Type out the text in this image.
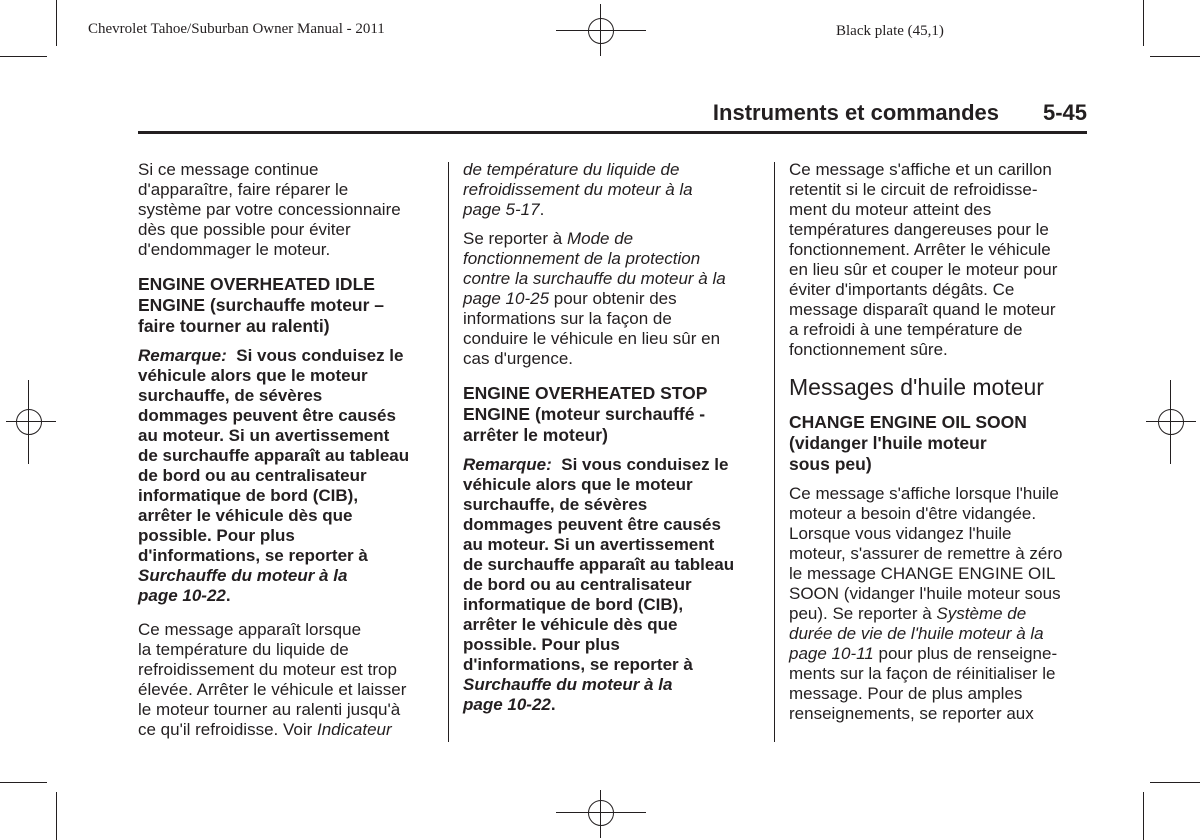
Chevrolet Tahoe/Suburban Owner Manual - 2011	Black plate (45,1)
Instruments et commandes 5-45

Si ce message continue
d'apparaître, faire réparer le
système par votre concessionnaire
dès que possible pour éviter
d'endommager le moteur.

ENGINE OVERHEATED IDLE
ENGINE (surchauffe moteur –
faire tourner au ralenti)

Remarque: Si vous conduisez le
véhicule alors que le moteur
surchauffe, de sévères
dommages peuvent être causés
au moteur. Si un avertissement
de surchauffe apparaît au tableau
de bord ou au centralisateur
informatique de bord (CIB),
arrêter le véhicule dès que
possible. Pour plus
d'informations, se reporter à
Surchauffe du moteur à la
page 10-22.

Ce message apparaît lorsque
la température du liquide de
refroidissement du moteur est trop
élevée. Arrêter le véhicule et laisser
le moteur tourner au ralenti jusqu'à
ce qu'il refroidisse. Voir Indicateur

de température du liquide de
refroidissement du moteur à la
page 5-17.

Se reporter à Mode de
fonctionnement de la protection
contre la surchauffe du moteur à la
page 10-25 pour obtenir des
informations sur la façon de
conduire le véhicule en lieu sûr en
cas d'urgence.

ENGINE OVERHEATED STOP
ENGINE (moteur surchauffé -
arrêter le moteur)

Remarque: Si vous conduisez le
véhicule alors que le moteur
surchauffe, de sévères
dommages peuvent être causés
au moteur. Si un avertissement
de surchauffe apparaît au tableau
de bord ou au centralisateur
informatique de bord (CIB),
arrêter le véhicule dès que
possible. Pour plus
d'informations, se reporter à
Surchauffe du moteur à la
page 10-22.

Ce message s'affiche et un carillon
retentit si le circuit de refroidisse-
ment du moteur atteint des
températures dangereuses pour le
fonctionnement. Arrêter le véhicule
en lieu sûr et couper le moteur pour
éviter d'importants dégâts. Ce
message disparaît quand le moteur
a refroidi à une température de
fonctionnement sûre.

Messages d'huile moteur
CHANGE ENGINE OIL SOON
(vidanger l'huile moteur
sous peu)

Ce message s'affiche lorsque l'huile
moteur a besoin d'être vidangée.
Lorsque vous vidangez l'huile
moteur, s'assurer de remettre à zéro
le message CHANGE ENGINE OIL
SOON (vidanger l'huile moteur sous
peu). Se reporter à Système de
durée de vie de l'huile moteur à la
page 10-11 pour plus de renseigne-
ments sur la façon de réinitialiser le
message. Pour de plus amples
renseignements, se reporter aux
